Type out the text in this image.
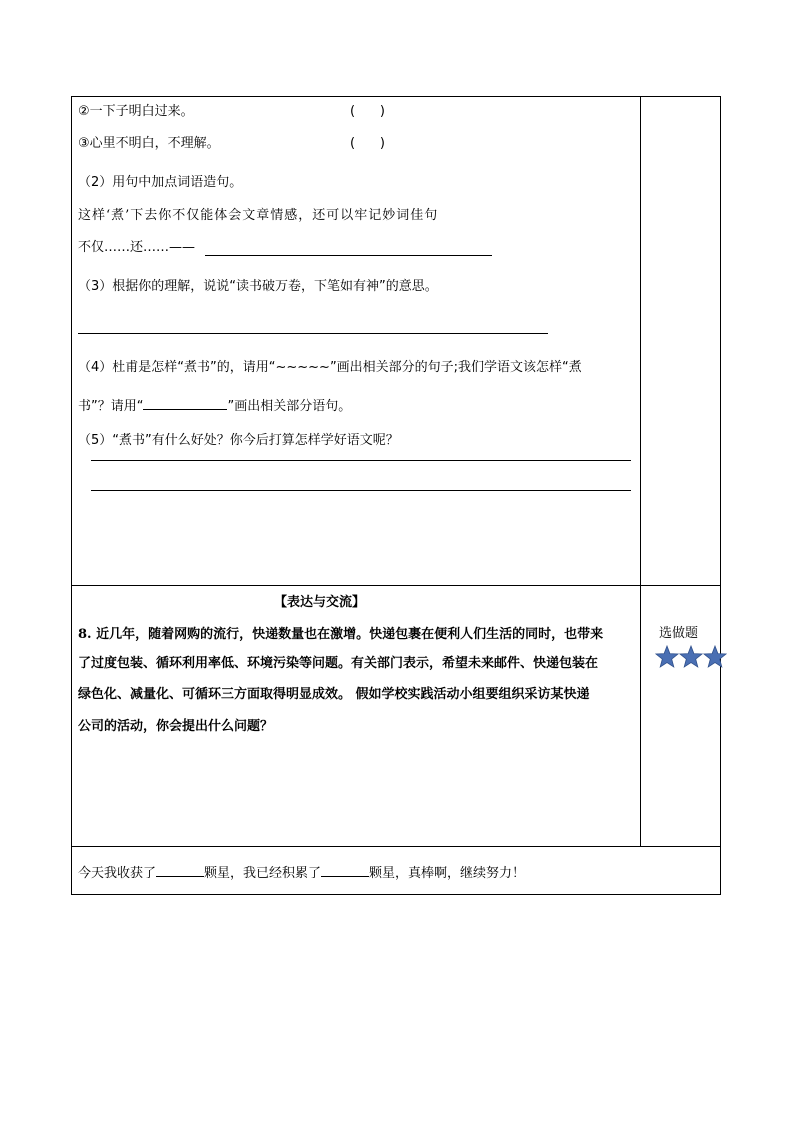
②一下子明白过来。	(      )
③心里不明白，不理解。	(      )
（2）用句中加点词语造句。
这样‘煮’下去你不仅能体会文章情感，还可以牢记妙词佳句
不仅……还……——
（3）根据你的理解，说说“读书破万卷，下笔如有神”的意思。
（4）杜甫是怎样“煮书”的，请用“~~~~~”画出相关部分的句子;我们学语文该怎样“煮
书”？请用“	”画出相关部分语句。
（5）“煮书”有什么好处？你今后打算怎样学好语文呢？
【表达与交流】
8. 近几年，随着网购的流行，快递数量也在激增。快递包裹在便利人们生活的同时，也带来
了过度包装、循环利用率低、环境污染等问题。有关部门表示，希望未来邮件、快递包装在
绿色化、减量化、可循环三方面取得明显成效。 假如学校实践活动小组要组织采访某快递
公司的活动，你会提出什么问题？
选做题
今天我收获了	颗星，我已经积累了	颗星，真棒啊，继续努力！
